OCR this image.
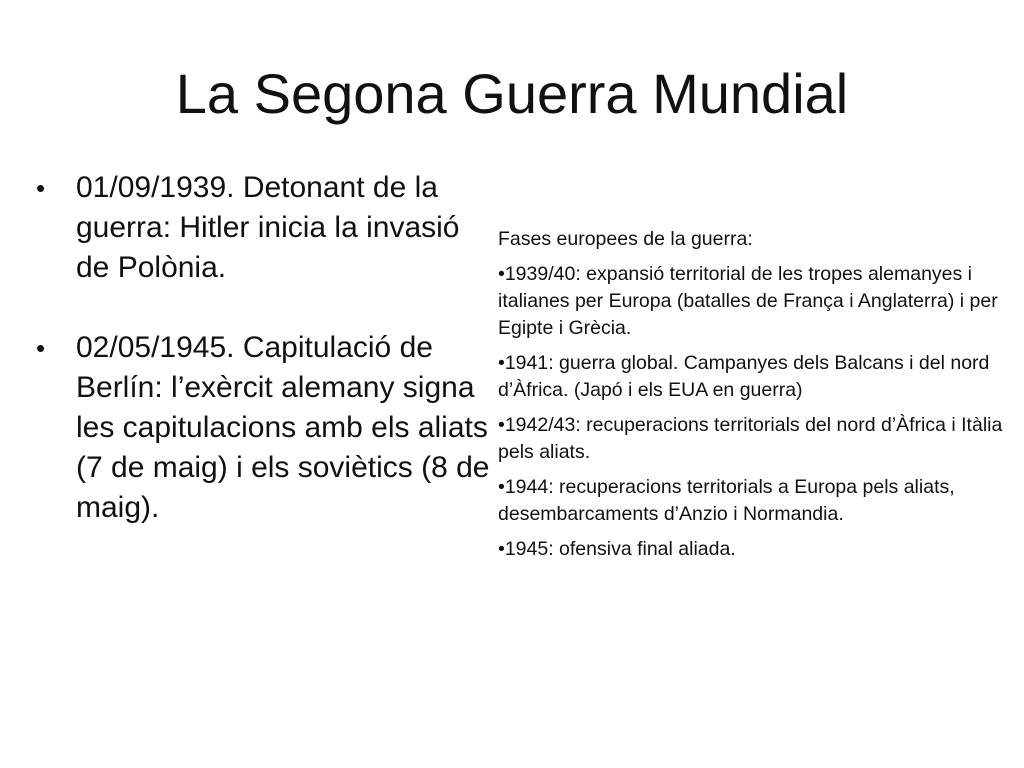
La Segona Guerra Mundial
•	01/09/1939. Detonant de la guerra: Hitler inicia la invasió de Polònia.
•	02/05/1945. Capitulació de Berlín: l’exèrcit alemany signa les capitulacions amb els aliats (7 de maig) i els soviètics (8 de maig).

Fases europees de la guerra:

•1939/40: expansió territorial de les tropes alemanyes i italianes per Europa (batalles de França i Anglaterra) i per Egipte i Grècia.

•1941: guerra global. Campanyes dels Balcans i del nord d’Àfrica. (Japó i els EUA en guerra)

•1942/43: recuperacions territorials del nord d’Àfrica i Itàlia pels aliats.

•1944: recuperacions territorials a Europa pels aliats, desembarcaments d’Anzio i Normandia.

•1945: ofensiva final aliada.
